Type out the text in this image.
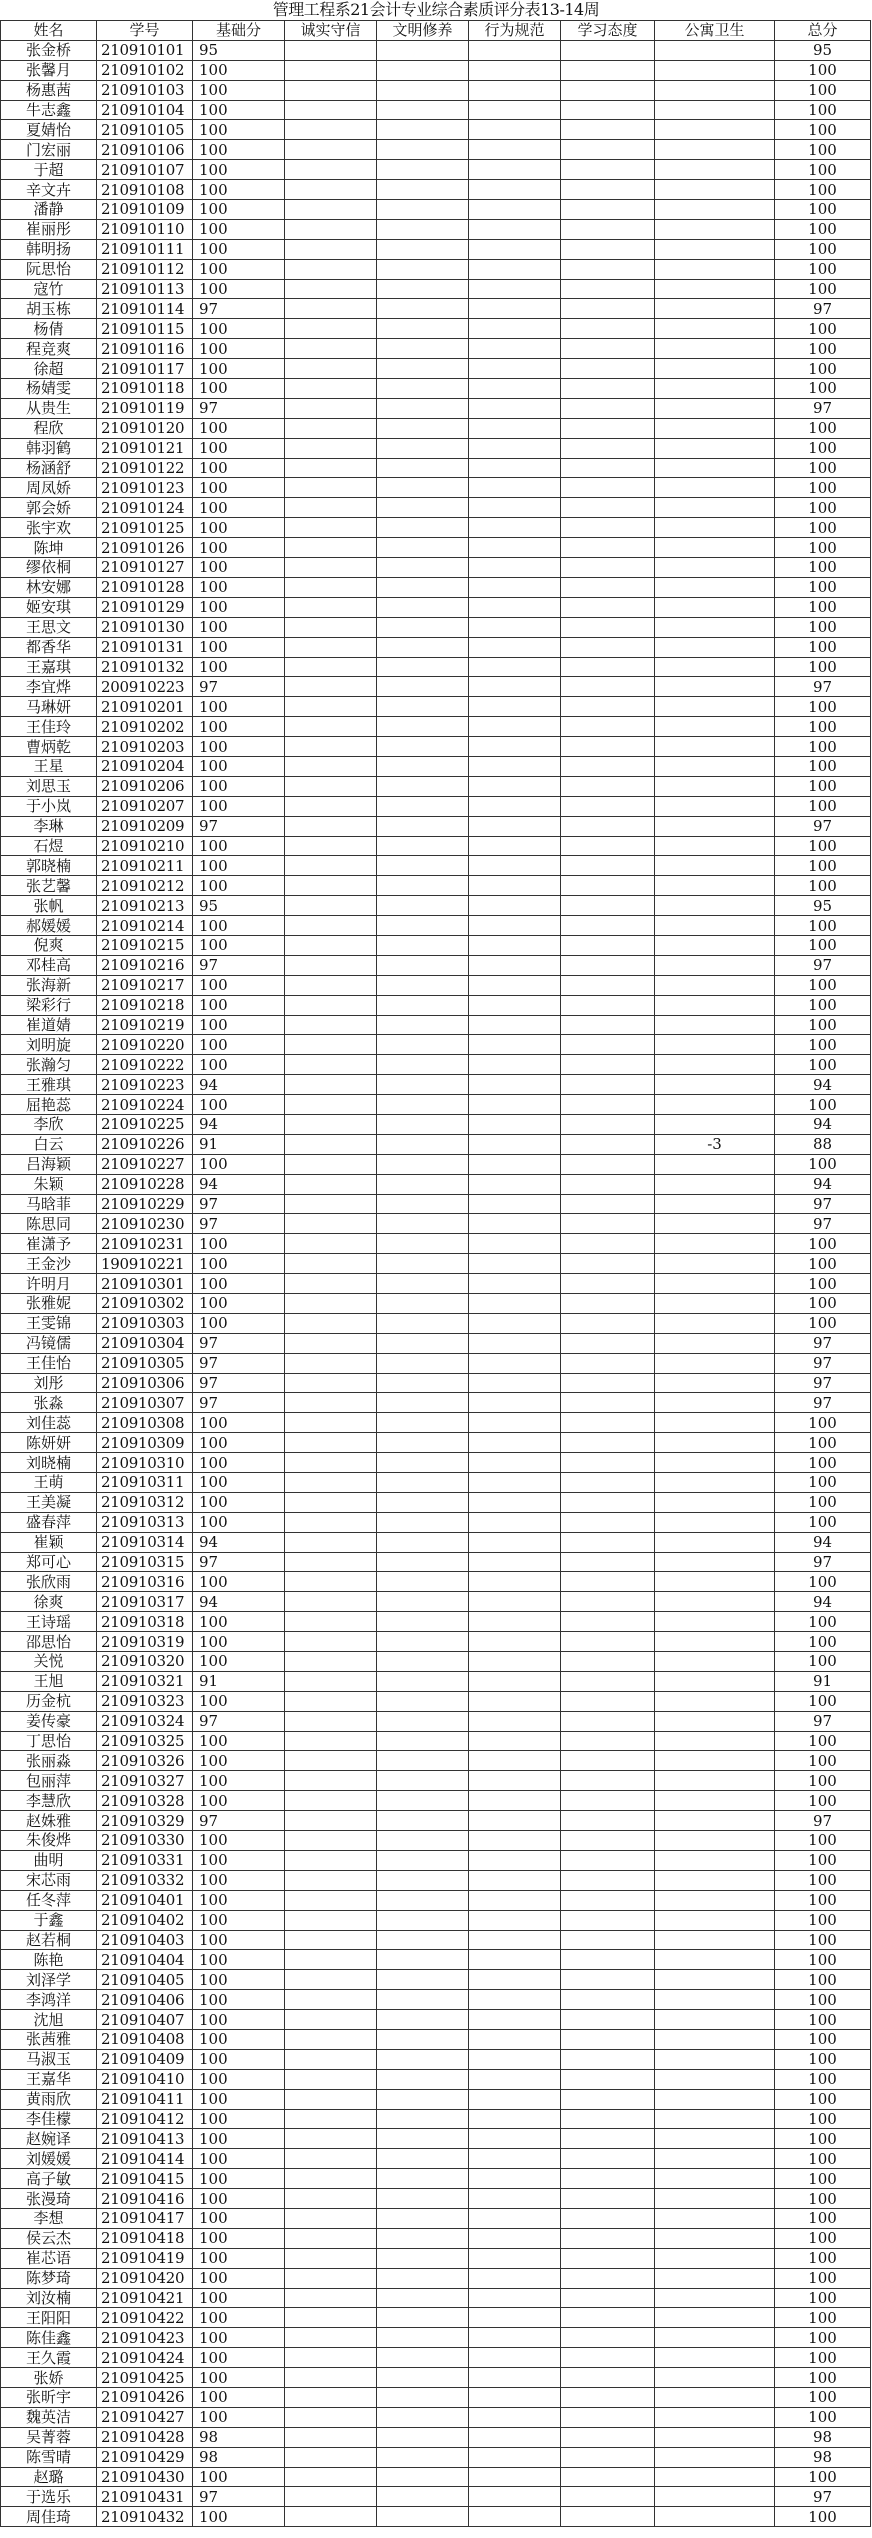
管理工程系21会计专业综合素质评分表13-14周
姓名	学号	基础分	诚实守信	文明修养	行为规范	学习态度	公寓卫生	总分
张金桥	210910101	95						95
张馨月	210910102	100						100
杨惠茜	210910103	100						100
牛志鑫	210910104	100						100
夏婧怡	210910105	100						100
门宏丽	210910106	100						100
于超	210910107	100						100
辛文卉	210910108	100						100
潘静	210910109	100						100
崔丽彤	210910110	100						100
韩明扬	210910111	100						100
阮思怡	210910112	100						100
寇竹	210910113	100						100
胡玉栋	210910114	97						97
杨倩	210910115	100						100
程竞爽	210910116	100						100
徐超	210910117	100						100
杨婧雯	210910118	100						100
从贵生	210910119	97						97
程欣	210910120	100						100
韩羽鹤	210910121	100						100
杨涵舒	210910122	100						100
周凤娇	210910123	100						100
郭会娇	210910124	100						100
张宇欢	210910125	100						100
陈坤	210910126	100						100
缪依桐	210910127	100						100
林安娜	210910128	100						100
姬安琪	210910129	100						100
王思文	210910130	100						100
都香华	210910131	100						100
王嘉琪	210910132	100						100
李宜烨	200910223	97						97
马琳妍	210910201	100						100
王佳玲	210910202	100						100
曹炳乾	210910203	100						100
王星	210910204	100						100
刘思玉	210910206	100						100
于小岚	210910207	100						100
李琳	210910209	97						97
石煜	210910210	100						100
郭晓楠	210910211	100						100
张艺馨	210910212	100						100
张帆	210910213	95						95
郝媛媛	210910214	100						100
倪爽	210910215	100						100
邓桂高	210910216	97						97
张海新	210910217	100						100
梁彩行	210910218	100						100
崔道婧	210910219	100						100
刘明旋	210910220	100						100
张瀚匀	210910222	100						100
王雅琪	210910223	94						94
屈艳蕊	210910224	100						100
李欣	210910225	94						94
白云	210910226	91					-3	88
吕海颖	210910227	100						100
朱颖	210910228	94						94
马晗菲	210910229	97						97
陈思同	210910230	97						97
崔潇予	210910231	100						100
王金沙	190910221	100						100
许明月	210910301	100						100
张雅妮	210910302	100						100
王雯锦	210910303	100						100
冯镜儒	210910304	97						97
王佳怡	210910305	97						97
刘彤	210910306	97						97
张淼	210910307	97						97
刘佳蕊	210910308	100						100
陈妍妍	210910309	100						100
刘晓楠	210910310	100						100
王萌	210910311	100						100
王美凝	210910312	100						100
盛春萍	210910313	100						100
崔颖	210910314	94						94
郑可心	210910315	97						97
张欣雨	210910316	100						100
徐爽	210910317	94						94
王诗瑶	210910318	100						100
邵思怡	210910319	100						100
关悦	210910320	100						100
王旭	210910321	91						91
历金杭	210910323	100						100
姜传豪	210910324	97						97
丁思怡	210910325	100						100
张丽淼	210910326	100						100
包丽萍	210910327	100						100
李慧欣	210910328	100						100
赵姝雅	210910329	97						97
朱俊烨	210910330	100						100
曲明	210910331	100						100
宋芯雨	210910332	100						100
任冬萍	210910401	100						100
于鑫	210910402	100						100
赵若桐	210910403	100						100
陈艳	210910404	100						100
刘泽学	210910405	100						100
李鸿洋	210910406	100						100
沈旭	210910407	100						100
张茜雅	210910408	100						100
马淑玉	210910409	100						100
王嘉华	210910410	100						100
黄雨欣	210910411	100						100
李佳檬	210910412	100						100
赵婉译	210910413	100						100
刘媛媛	210910414	100						100
高子敏	210910415	100						100
张漫琦	210910416	100						100
李想	210910417	100						100
侯云杰	210910418	100						100
崔芯语	210910419	100						100
陈梦琦	210910420	100						100
刘汝楠	210910421	100						100
王阳阳	210910422	100						100
陈佳鑫	210910423	100						100
王久霞	210910424	100						100
张娇	210910425	100						100
张昕宇	210910426	100						100
魏英洁	210910427	100						100
吴菁蓉	210910428	98						98
陈雪晴	210910429	98						98
赵璐	210910430	100						100
于选乐	210910431	97						97
周佳琦	210910432	100						100
